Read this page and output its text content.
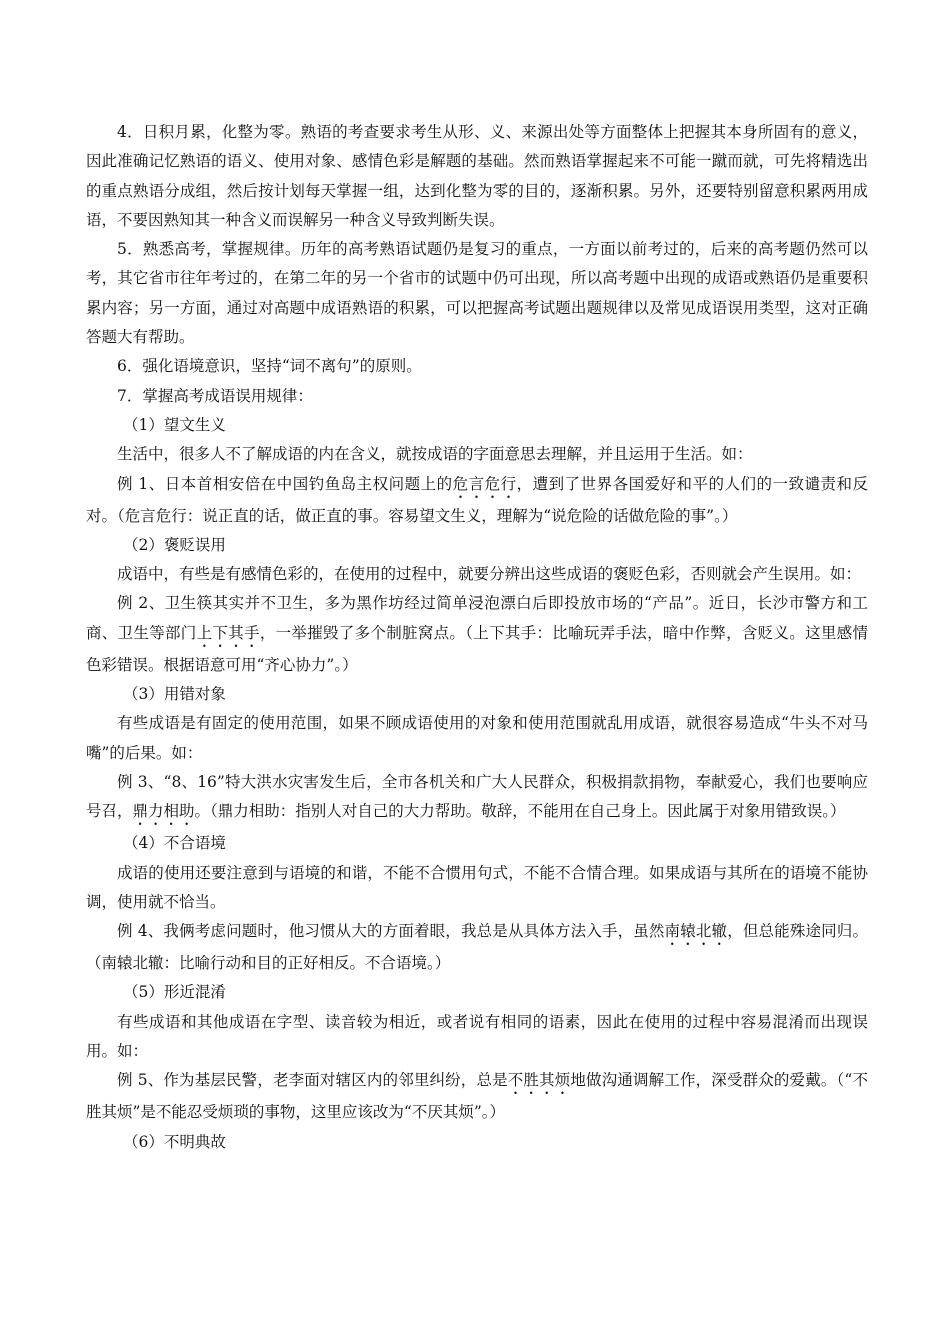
4．日积月累，化整为零。熟语的考查要求考生从形、义、来源出处等方面整体上把握其本身所固有的意义，因此准确记忆熟语的语义、使用对象、感情色彩是解题的基础。然而熟语掌握起来不可能一蹴而就，可先将精选出的重点熟语分成组，然后按计划每天掌握一组，达到化整为零的目的，逐渐积累。另外，还要特别留意积累两用成语，不要因熟知其一种含义而误解另一种含义导致判断失误。

5．熟悉高考，掌握规律。历年的高考熟语试题仍是复习的重点，一方面以前考过的，后来的高考题仍然可以考，其它省市往年考过的，在第二年的另一个省市的试题中仍可出现，所以高考题中出现的成语或熟语仍是重要积累内容；另一方面，通过对高题中成语熟语的积累，可以把握高考试题出题规律以及常见成语误用类型，这对正确答题大有帮助。

6．强化语境意识，坚持“词不离句”的原则。

7．掌握高考成语误用规律：

（1）望文生义

生活中，很多人不了解成语的内在含义，就按成语的字面意思去理解，并且运用于生活。如：

例 1、日本首相安倍在中国钓鱼岛主权问题上的危言危行，遭到了世界各国爱好和平的人们的一致谴责和反对。（危言危行：说正直的话，做正直的事。容易望文生义，理解为“说危险的话做危险的事”。）

（2）褒贬误用

成语中，有些是有感情色彩的，在使用的过程中，就要分辨出这些成语的褒贬色彩，否则就会产生误用。如：

例 2、卫生筷其实并不卫生，多为黑作坊经过简单浸泡漂白后即投放市场的“产品”。近日，长沙市警方和工商、卫生等部门上下其手，一举摧毁了多个制脏窝点。（上下其手：比喻玩弄手法，暗中作弊，含贬义。这里感情色彩错误。根据语意可用“齐心协力”。）

（3）用错对象

有些成语是有固定的使用范围，如果不顾成语使用的对象和使用范围就乱用成语，就很容易造成“牛头不对马嘴”的后果。如：

例 3、“8、16”特大洪水灾害发生后，全市各机关和广大人民群众，积极捐款捐物，奉献爱心，我们也要响应号召，鼎力相助。（鼎力相助：指别人对自己的大力帮助。敬辞，不能用在自己身上。因此属于对象用错致误。）

（4）不合语境

成语的使用还要注意到与语境的和谐，不能不合惯用句式，不能不合情合理。如果成语与其所在的语境不能协调，使用就不恰当。

例 4、我俩考虑问题时，他习惯从大的方面着眼，我总是从具体方法入手，虽然南辕北辙，但总能殊途同归。（南辕北辙：比喻行动和目的正好相反。不合语境。）

（5）形近混淆

有些成语和其他成语在字型、读音较为相近，或者说有相同的语素，因此在使用的过程中容易混淆而出现误用。如：

例 5、作为基层民警，老李面对辖区内的邻里纠纷，总是不胜其烦地做沟通调解工作，深受群众的爱戴。（“不胜其烦”是不能忍受烦琐的事物，这里应该改为“不厌其烦”。）

（6）不明典故
